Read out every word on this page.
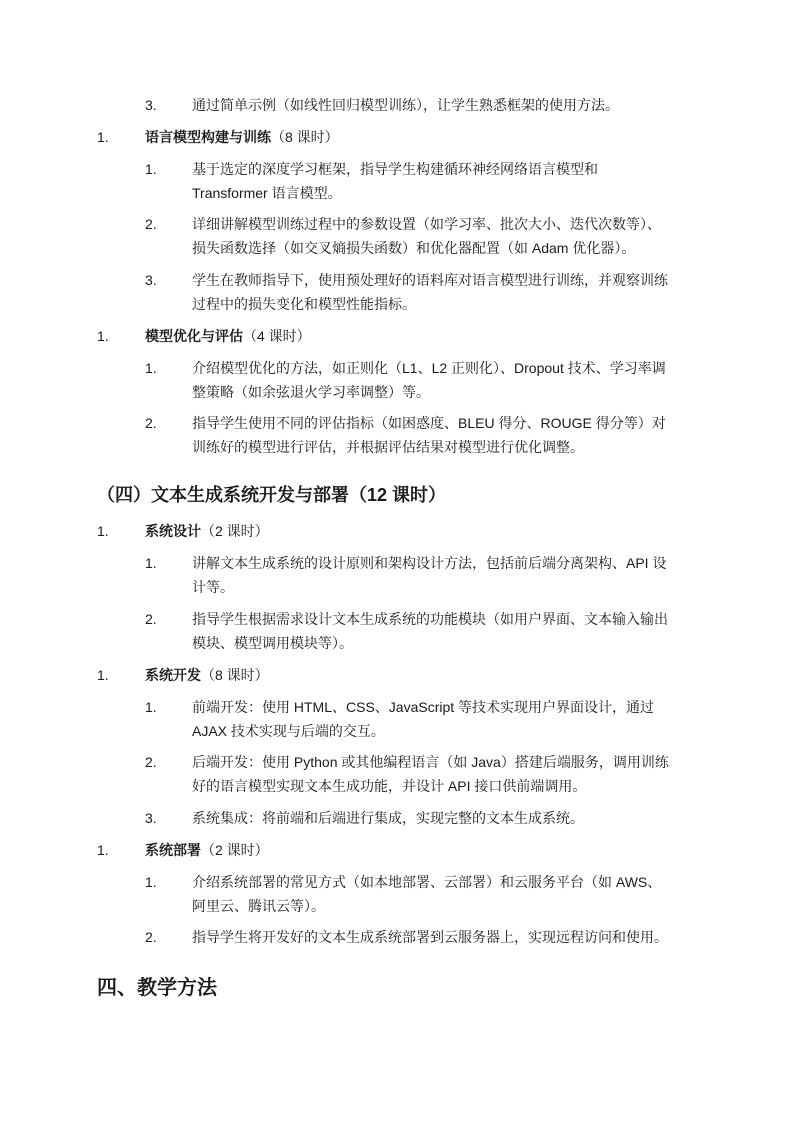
3.	通过简单示例（如线性回归模型训练），让学生熟悉框架的使用方法。
1.	语言模型构建与训练（8 课时）
1.	基于选定的深度学习框架，指导学生构建循环神经网络语言模型和
Transformer 语言模型。
2.	详细讲解模型训练过程中的参数设置（如学习率、批次大小、迭代次数等）、
损失函数选择（如交叉熵损失函数）和优化器配置（如 Adam 优化器）。
3.	学生在教师指导下，使用预处理好的语料库对语言模型进行训练，并观察训练
过程中的损失变化和模型性能指标。
1.	模型优化与评估（4 课时）
1.	介绍模型优化的方法，如正则化（L1、L2 正则化）、Dropout 技术、学习率调
整策略（如余弦退火学习率调整）等。
2.	指导学生使用不同的评估指标（如困惑度、BLEU 得分、ROUGE 得分等）对
训练好的模型进行评估，并根据评估结果对模型进行优化调整。
（四）文本生成系统开发与部署（12 课时）
1.	系统设计（2 课时）
1.	讲解文本生成系统的设计原则和架构设计方法，包括前后端分离架构、API 设
计等。
2.	指导学生根据需求设计文本生成系统的功能模块（如用户界面、文本输入输出
模块、模型调用模块等）。
1.	系统开发（8 课时）
1.	前端开发：使用 HTML、CSS、JavaScript 等技术实现用户界面设计，通过
AJAX 技术实现与后端的交互。
2.	后端开发：使用 Python 或其他编程语言（如 Java）搭建后端服务，调用训练
好的语言模型实现文本生成功能，并设计 API 接口供前端调用。
3.	系统集成：将前端和后端进行集成，实现完整的文本生成系统。
1.	系统部署（2 课时）
1.	介绍系统部署的常见方式（如本地部署、云部署）和云服务平台（如 AWS、
阿里云、腾讯云等）。
2.	指导学生将开发好的文本生成系统部署到云服务器上，实现远程访问和使用。
四、教学方法
